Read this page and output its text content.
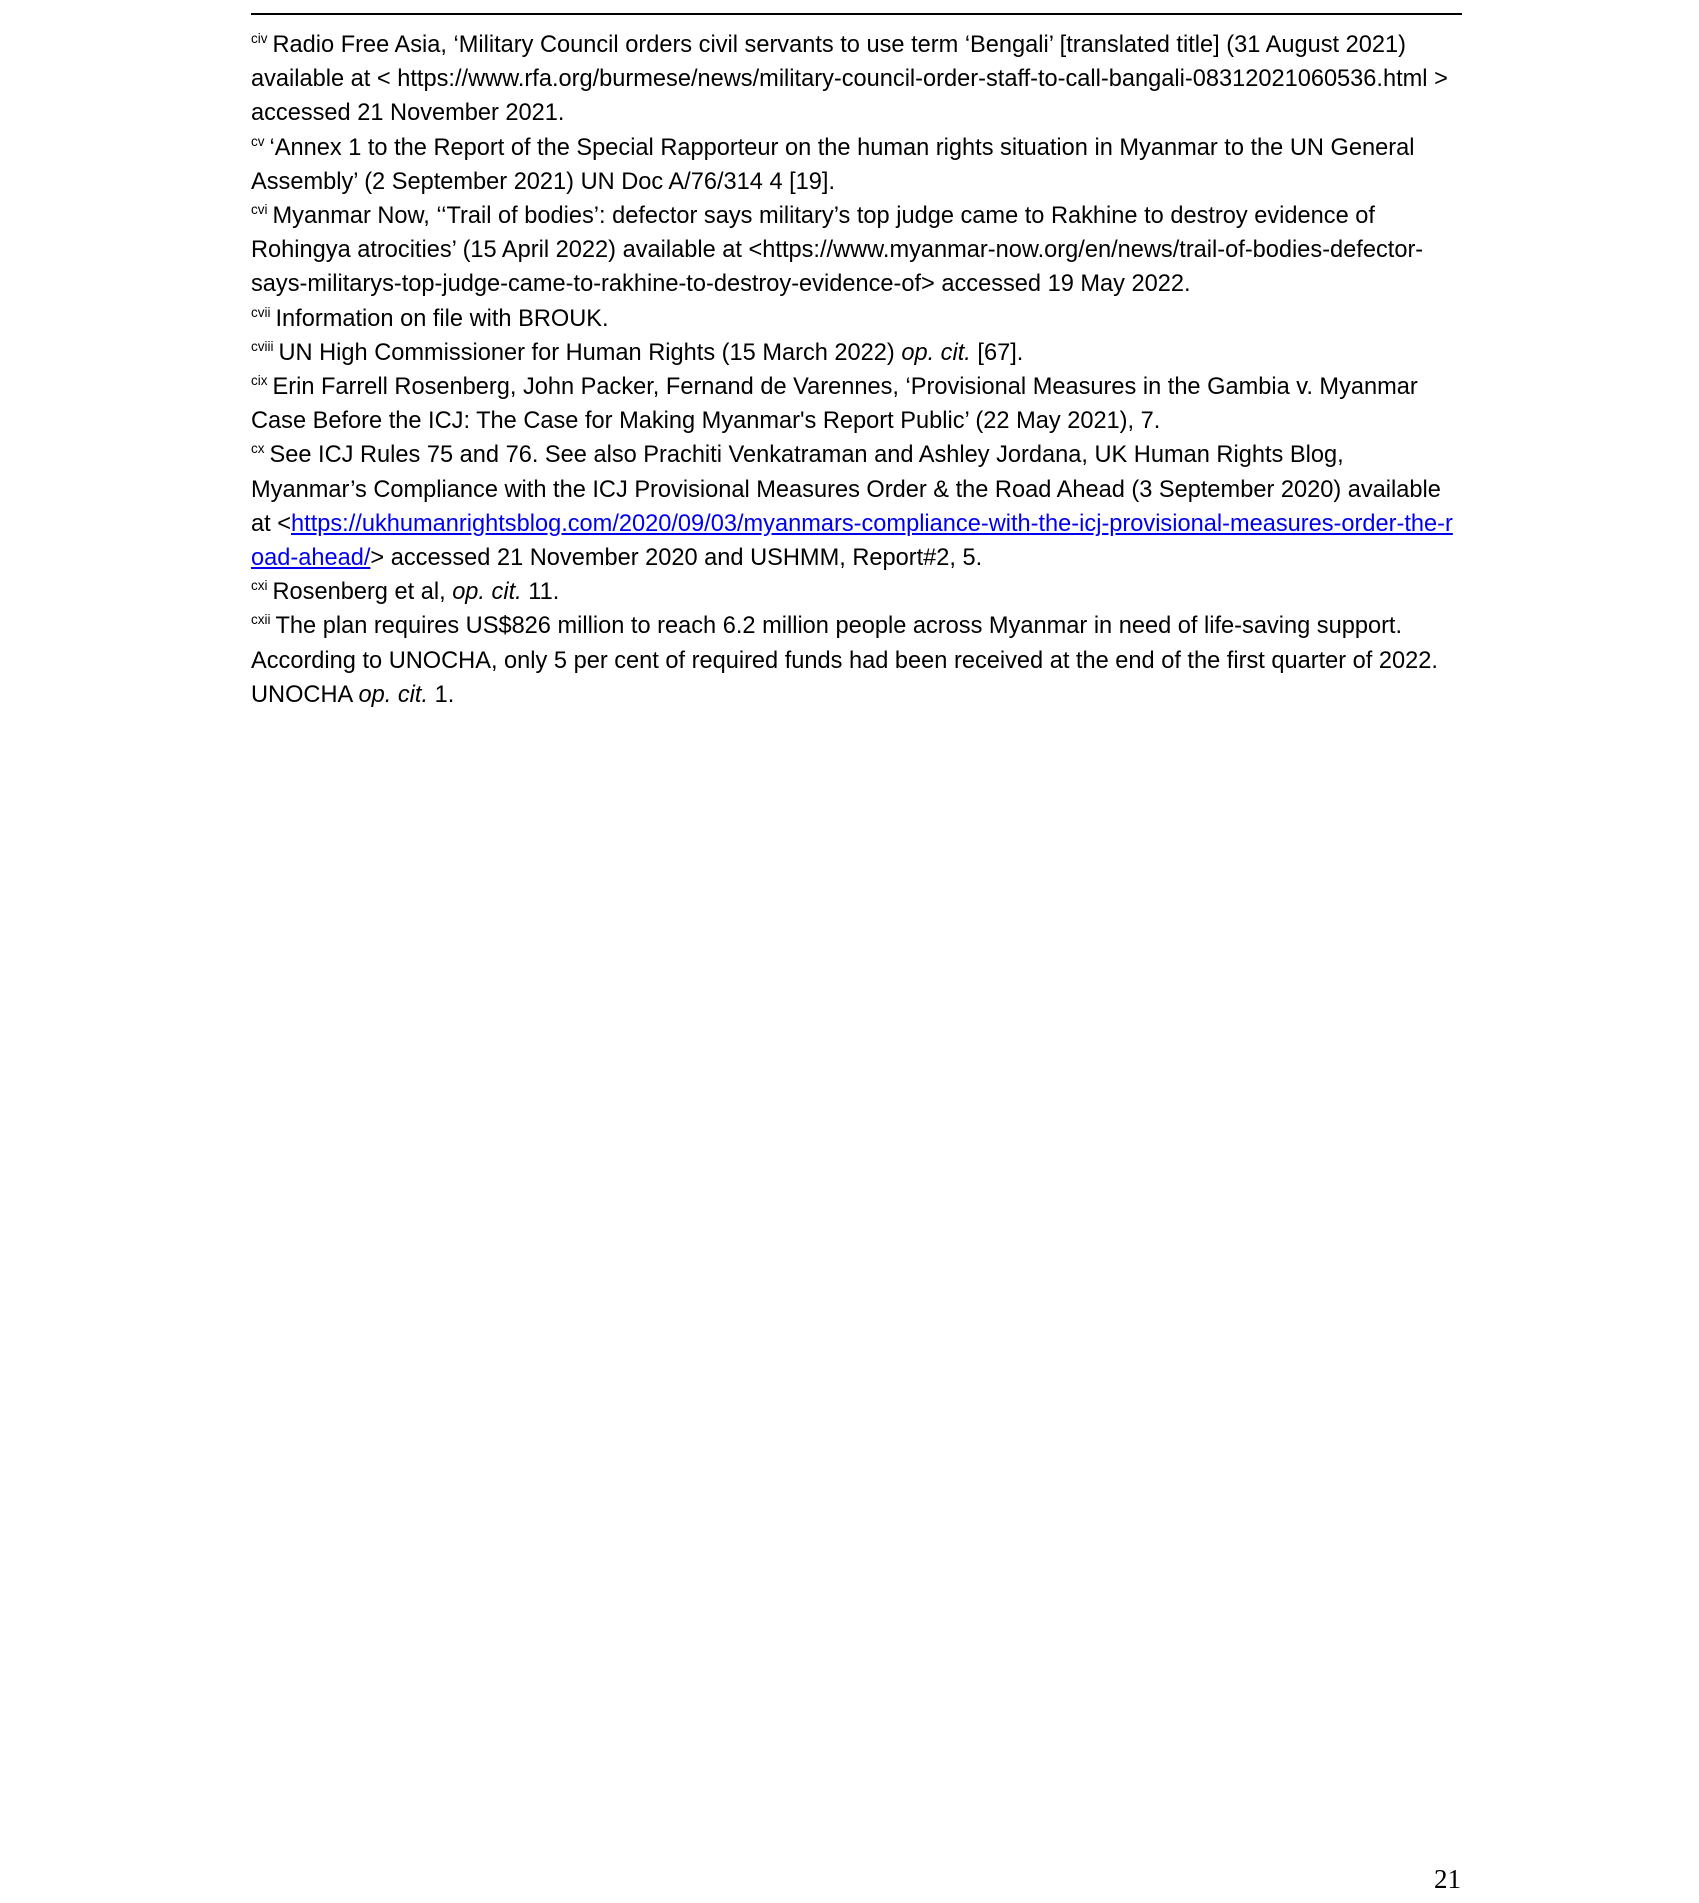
$^{civ}$ Radio Free Asia, ‘Military Council orders civil servants to use term ‘Bengali’ [translated title] (31 August 2021) available at < https://www.rfa.org/burmese/news/military-council-order-staff-to-call-bangali-08312021060536.html > accessed 21 November 2021.

$^{cv}$ ‘Annex 1 to the Report of the Special Rapporteur on the human rights situation in Myanmar to the UN General Assembly’ (2 September 2021) UN Doc A/76/314 4 [19].

$^{cvi}$ Myanmar Now, ‘‘Trail of bodies’: defector says military’s top judge came to Rakhine to destroy evidence of Rohingya atrocities’ (15 April 2022) available at <https://www.myanmar-now.org/en/news/trail-of-bodies-defector-says-militarys-top-judge-came-to-rakhine-to-destroy-evidence-of> accessed 19 May 2022.

$^{cvii}$ Information on file with BROUK.

$^{cviii}$ UN High Commissioner for Human Rights (15 March 2022) op. cit. [67].

$^{cix}$ Erin Farrell Rosenberg, John Packer, Fernand de Varennes, ‘Provisional Measures in the Gambia v. Myanmar Case Before the ICJ: The Case for Making Myanmar's Report Public’ (22 May 2021), 7.

$^{cx}$ See ICJ Rules 75 and 76. See also Prachiti Venkatraman and Ashley Jordana, UK Human Rights Blog, Myanmar’s Compliance with the ICJ Provisional Measures Order & the Road Ahead (3 September 2020) available at <https://ukhumanrightsblog.com/2020/09/03/myanmars-compliance-with-the-icj-provisional-measures-order-the-road-ahead/> accessed 21 November 2020 and USHMM, Report#2, 5.

$^{cxi}$ Rosenberg et al, op. cit. 11.

$^{cxii}$ The plan requires US$826 million to reach 6.2 million people across Myanmar in need of life-saving support. According to UNOCHA, only 5 per cent of required funds had been received at the end of the first quarter of 2022. UNOCHA op. cit. 1.

21
